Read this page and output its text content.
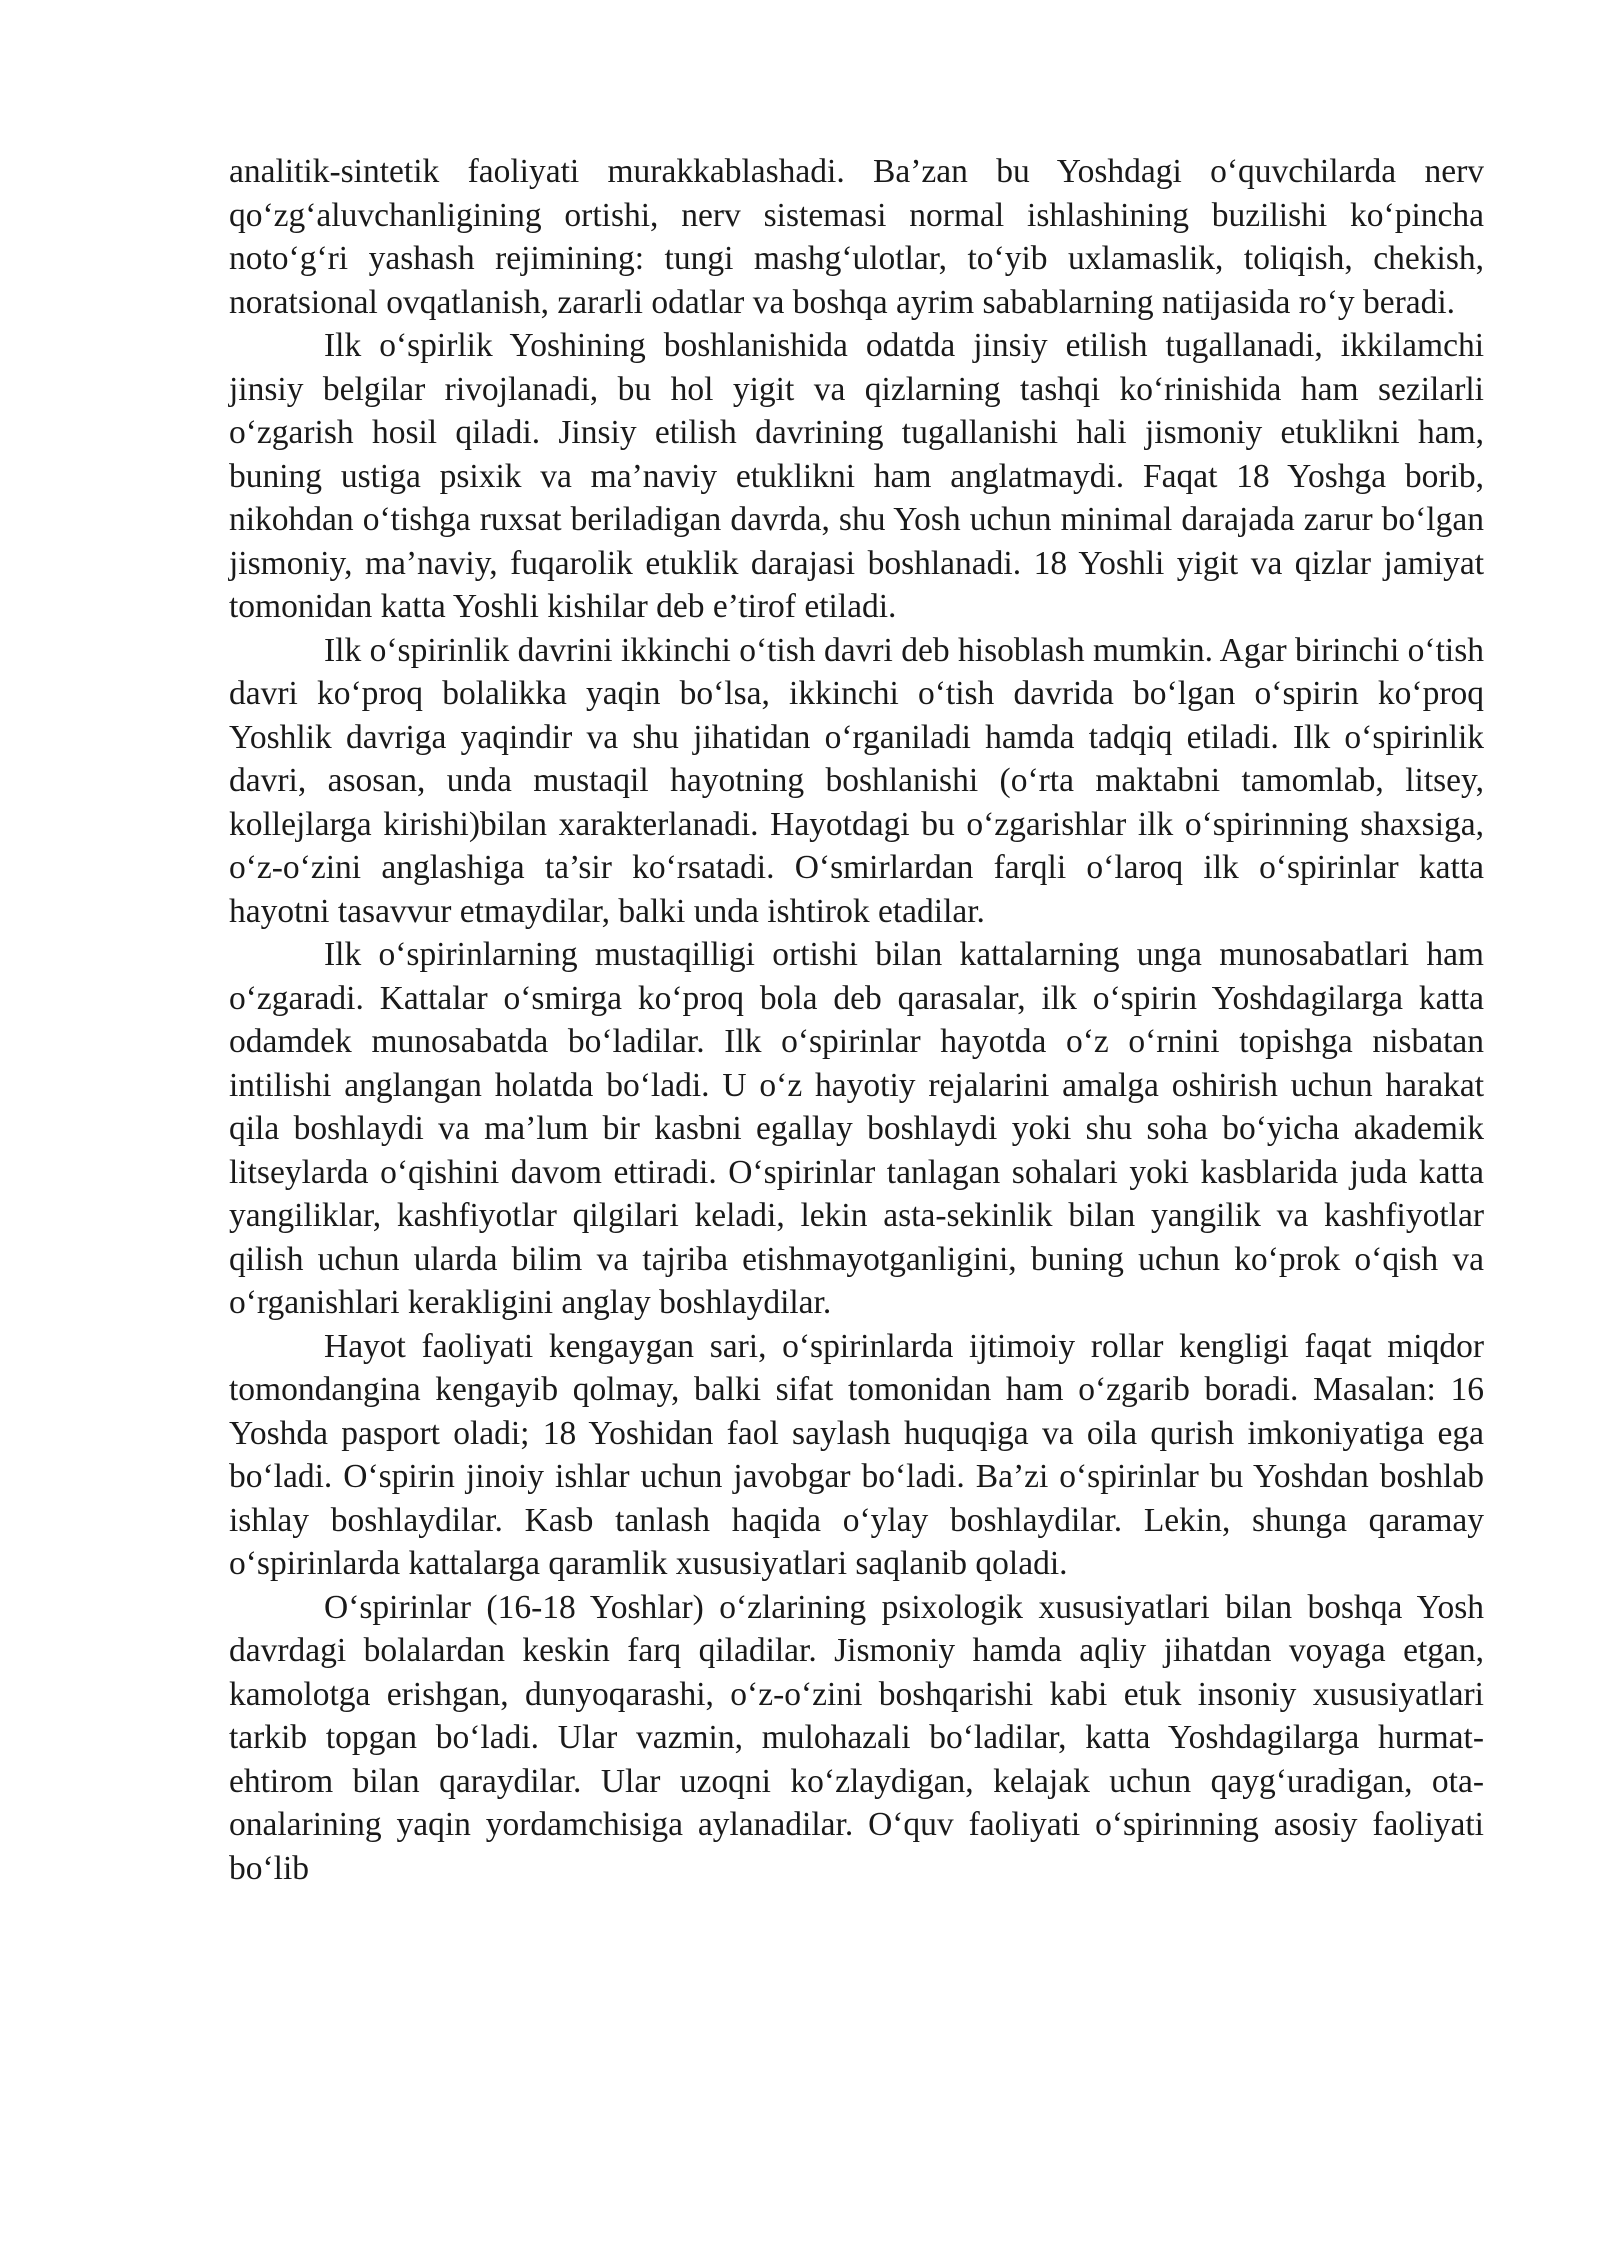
analitik-sintetik faoliyati murakkablashadi. Ba’zan bu Yoshdagi o‘quvchilarda nerv qo‘zg‘aluvchanligining ortishi, nerv sistemasi normal ishlashining buzilishi ko‘pincha noto‘g‘ri yashash rejimining: tungi mashg‘ulotlar, to‘yib uxlamaslik, toliqish, chekish, noratsional ovqatlanish, zararli odatlar va boshqa ayrim sabablarning natijasida ro‘y beradi.

Ilk o‘spirlik Yoshining boshlanishida odatda jinsiy etilish tugallanadi, ikkilamchi jinsiy belgilar rivojlanadi, bu hol yigit va qizlarning tashqi ko‘rinishida ham sezilarli o‘zgarish hosil qiladi. Jinsiy etilish davrining tugallanishi hali jismoniy etuklikni ham, buning ustiga psixik va ma’naviy etuklikni ham anglatmaydi. Faqat 18 Yoshga borib, nikohdan o‘tishga ruxsat beriladigan davrda, shu Yosh uchun minimal darajada zarur bo‘lgan jismoniy, ma’naviy, fuqarolik etuklik darajasi boshlanadi. 18 Yoshli yigit va qizlar jamiyat tomonidan katta Yoshli kishilar deb e’tirof etiladi.

Ilk o‘spirinlik davrini ikkinchi o‘tish davri deb hisoblash mumkin. Agar birinchi o‘tish davri ko‘proq bolalikka yaqin bo‘lsa, ikkinchi o‘tish davrida bo‘lgan o‘spirin ko‘proq Yoshlik davriga yaqindir va shu jihatidan o‘rganiladi hamda tadqiq etiladi. Ilk o‘spirinlik davri, asosan, unda mustaqil hayotning boshlanishi (o‘rta maktabni tamomlab, litsey, kollejlarga kirishi)bilan xarakterlanadi. Hayotdagi bu o‘zgarishlar ilk o‘spirinning shaxsiga, o‘z-o‘zini anglashiga ta’sir ko‘rsatadi. O‘smirlardan farqli o‘laroq ilk o‘spirinlar katta hayotni tasavvur etmaydilar, balki unda ishtirok etadilar.

Ilk o‘spirinlarning mustaqilligi ortishi bilan kattalarning unga munosabatlari ham o‘zgaradi. Kattalar o‘smirga ko‘proq bola deb qarasalar, ilk o‘spirin Yoshdagilarga katta odamdek munosabatda bo‘ladilar. Ilk o‘spirinlar hayotda o‘z o‘rnini topishga nisbatan intilishi anglangan holatda bo‘ladi. U o‘z hayotiy rejalarini amalga oshirish uchun harakat qila boshlaydi va ma’lum bir kasbni egallay boshlaydi yoki shu soha bo‘yicha akademik litseylarda o‘qishini davom ettiradi. O‘spirinlar tanlagan sohalari yoki kasblarida juda katta yangiliklar, kashfiyotlar qilgilari keladi, lekin asta-sekinlik bilan yangilik va kashfiyotlar qilish uchun ularda bilim va tajriba etishmayotganligini, buning uchun ko‘prok o‘qish va o‘rganishlari kerakligini anglay boshlaydilar.

Hayot faoliyati kengaygan sari, o‘spirinlarda ijtimoiy rollar kengligi faqat miqdor tomondangina kengayib qolmay, balki sifat tomonidan ham o‘zgarib boradi. Masalan: 16 Yoshda pasport oladi; 18 Yoshidan faol saylash huquqiga va oila qurish imkoniyatiga ega bo‘ladi. O‘spirin jinoiy ishlar uchun javobgar bo‘ladi. Ba’zi o‘spirinlar bu Yoshdan boshlab ishlay boshlaydilar. Kasb tanlash haqida o‘ylay boshlaydilar. Lekin, shunga qaramay o‘spirinlarda kattalarga qaramlik xususiyatlari saqlanib qoladi.

O‘spirinlar (16-18 Yoshlar) o‘zlarining psixologik xususiyatlari bilan boshqa Yosh davrdagi bolalardan keskin farq qiladilar. Jismoniy hamda aqliy jihatdan voyaga etgan, kamolotga erishgan, dunyoqarashi, o‘z-o‘zini boshqarishi kabi etuk insoniy xususiyatlari tarkib topgan bo‘ladi. Ular vazmin, mulohazali bo‘ladilar, katta Yoshdagilarga hurmat-ehtirom bilan qaraydilar. Ular uzoqni ko‘zlaydigan, kelajak uchun qayg‘uradigan, ota-onalarining yaqin yordamchisiga aylanadilar. O‘quv faoliyati o‘spirinning asosiy faoliyati bo‘lib
